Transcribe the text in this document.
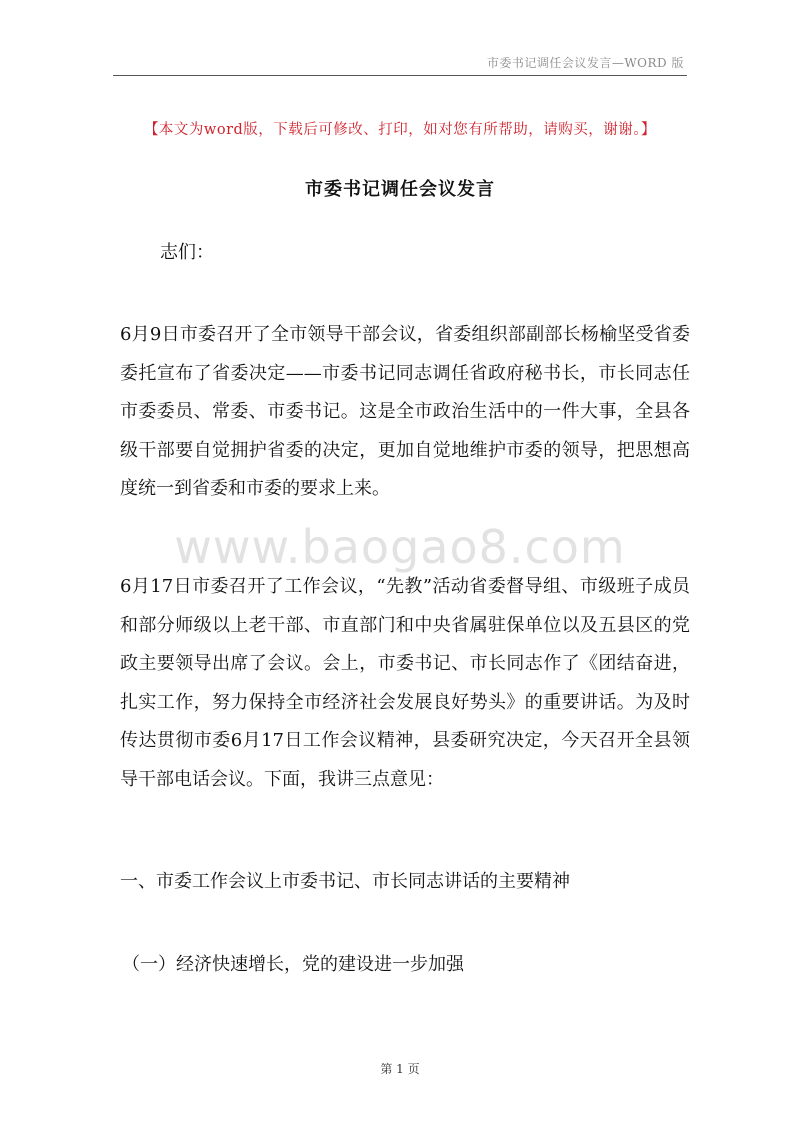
市委书记调任会议发言—WORD 版
【本文为word版，下载后可修改、打印，如对您有所帮助，请购买，谢谢。】
市委书记调任会议发言
志们：

6月9日市委召开了全市领导干部会议，省委组织部副部长杨榆坚受省委委托宣布了省委决定——市委书记同志调任省政府秘书长，市长同志任市委委员、常委、市委书记。这是全市政治生活中的一件大事，全县各级干部要自觉拥护省委的决定，更加自觉地维护市委的领导，把思想高度统一到省委和市委的要求上来。

www.baogao8.com

6月17日市委召开了工作会议，“先教”活动省委督导组、市级班子成员和部分师级以上老干部、市直部门和中央省属驻保单位以及五县区的党政主要领导出席了会议。会上，市委书记、市长同志作了《团结奋进，扎实工作，努力保持全市经济社会发展良好势头》的重要讲话。为及时传达贯彻市委6月17日工作会议精神，县委研究决定，今天召开全县领导干部电话会议。下面，我讲三点意见：

一、市委工作会议上市委书记、市长同志讲话的主要精神
（一）经济快速增长，党的建设进一步加强
第 1 页
